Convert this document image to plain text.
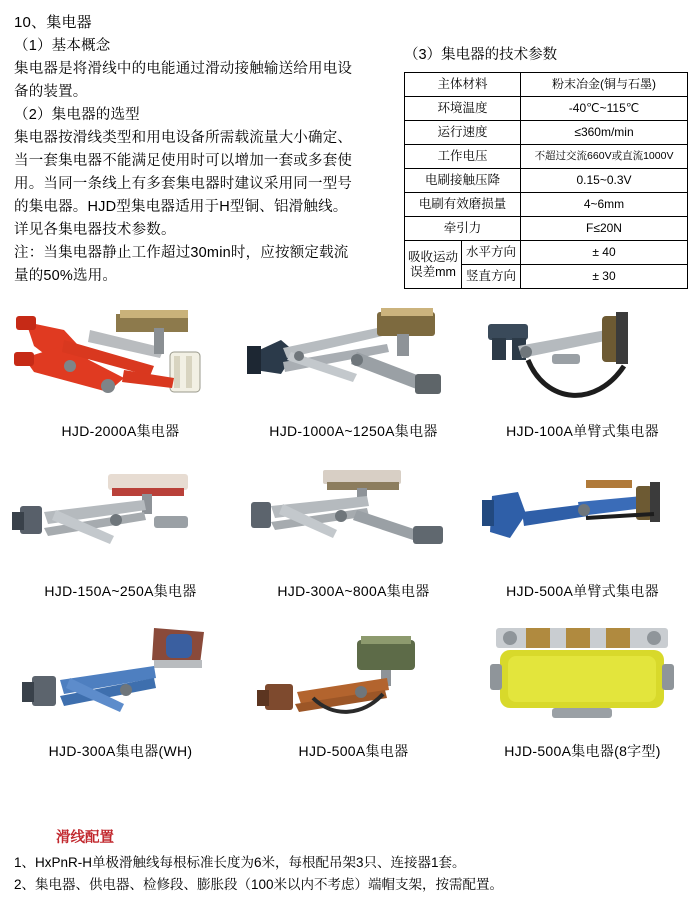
10、集电器

（1）基本概念

集电器是将滑线中的电能通过滑动接触输送给用电设

备的装置。

（2）集电器的选型

集电器按滑线类型和用电设备所需载流量大小确定、

当一套集电器不能满足使用时可以增加一套或多套使

用。当同一条线上有多套集电器时建议采用同一型号

的集电器。HJD型集电器适用于H型铜、铝滑触线。

详见各集电器技术参数。

注：当集电器静止工作超过30min时，应按额定载流

量的50%选用。

（3）集电器的技术参数
主体材料		粉末冶金(铜与石墨)
环境温度		-40℃~115℃
运行速度		≤360m/min
工作电压		不超过交流660V或直流1000V
电刷接触压降		0.15~0.3V
电刷有效磨损量		4~6mm
牵引力		F≤20N

吸收运动
误差mm	水平方向	± 40
	竖直方向	± 30
HJD-2000A集电器	HJD-1000A~1250A集电器	HJD-100A单臂式集电器
HJD-150A~250A集电器	HJD-300A~800A集电器	HJD-500A单臂式集电器
HJD-300A集电器(WH)	HJD-500A集电器	HJD-500A集电器(8字型)
滑线配置

1、HxPnR-H单极滑触线每根标准长度为6米，每根配吊架3只、连接器1套。

2、集电器、供电器、检修段、膨胀段（100米以内不考虑）端帽支架，按需配置。
